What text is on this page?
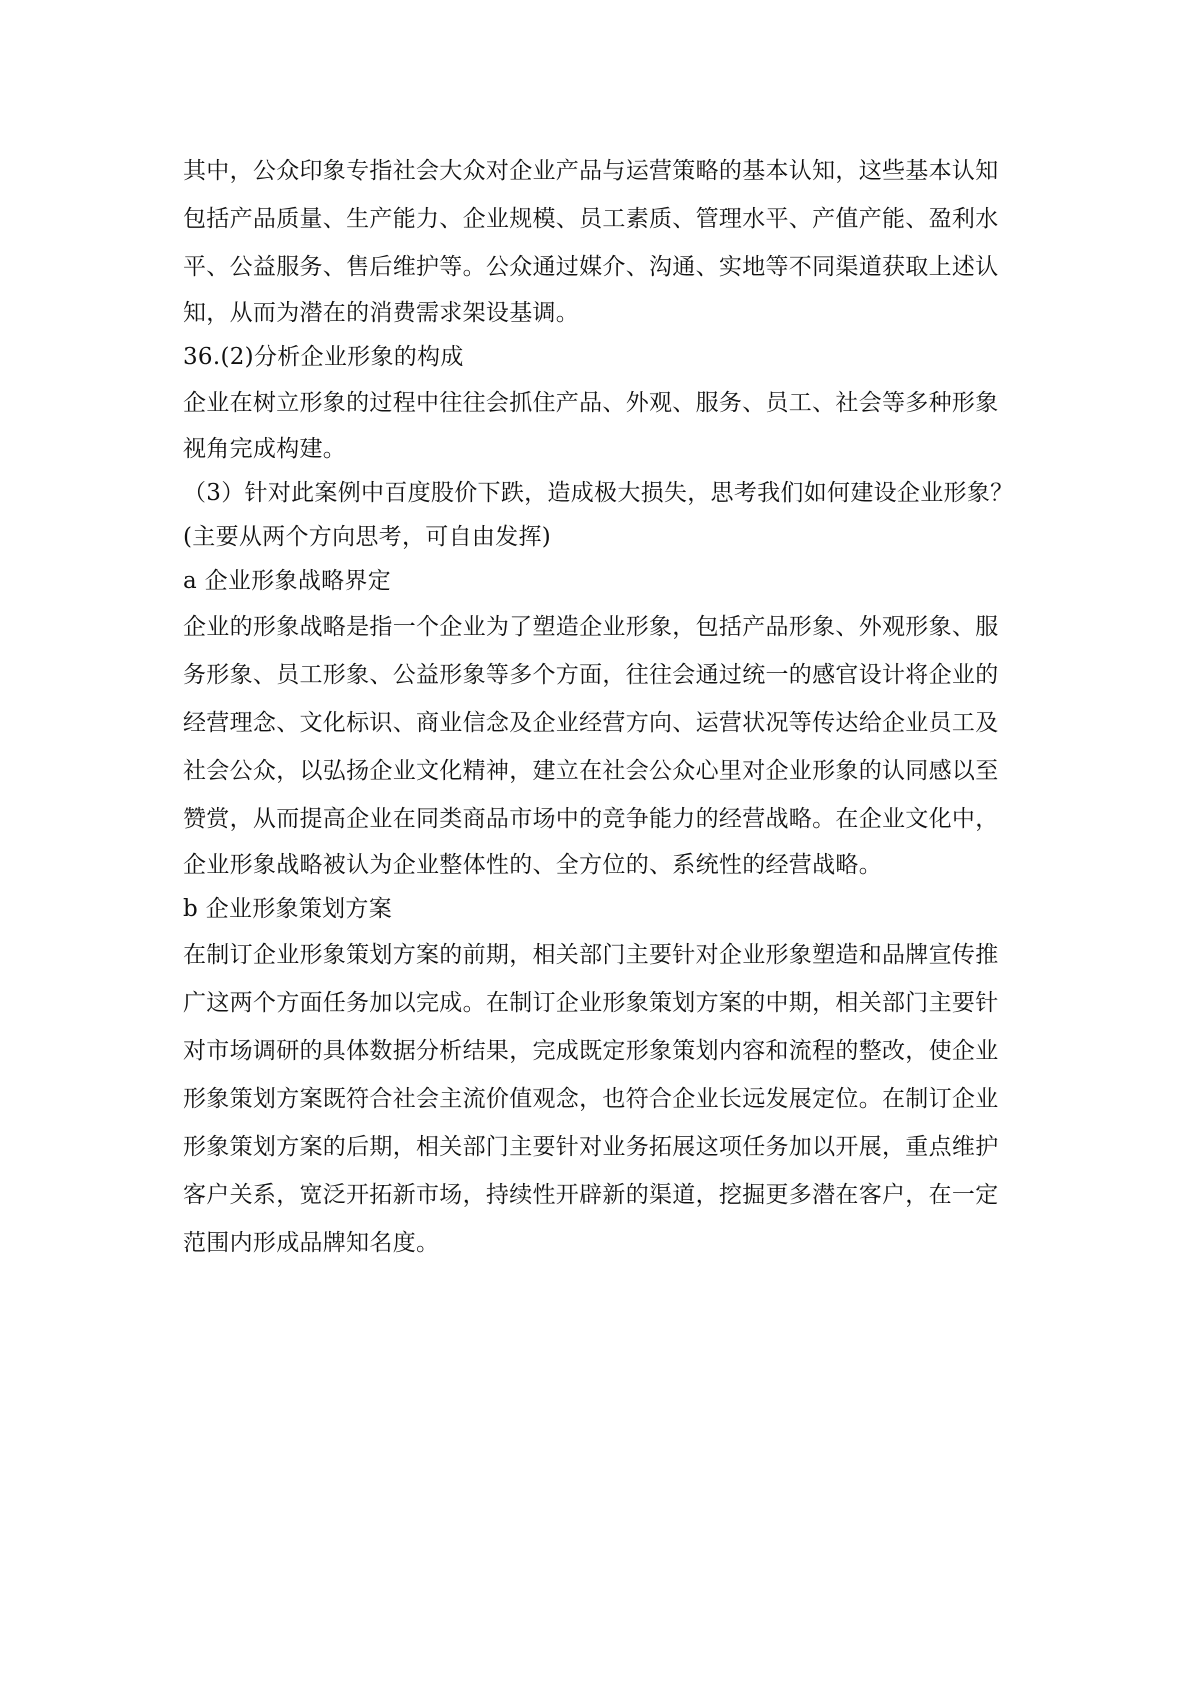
其中，公众印象专指社会大众对企业产品与运营策略的基本认知，这些基本认知
包括产品质量、生产能力、企业规模、员工素质、管理水平、产值产能、盈利水
平、公益服务、售后维护等。公众通过媒介、沟通、实地等不同渠道获取上述认
知，从而为潜在的消费需求架设基调。
36.(2)分析企业形象的构成
企业在树立形象的过程中往往会抓住产品、外观、服务、员工、社会等多种形象
视角完成构建。
（3）针对此案例中百度股价下跌，造成极大损失，思考我们如何建设企业形象？
(主要从两个方向思考，可自由发挥)
a 企业形象战略界定
企业的形象战略是指一个企业为了塑造企业形象，包括产品形象、外观形象、服
务形象、员工形象、公益形象等多个方面，往往会通过统一的感官设计将企业的
经营理念、文化标识、商业信念及企业经营方向、运营状况等传达给企业员工及
社会公众，以弘扬企业文化精神，建立在社会公众心里对企业形象的认同感以至
赞赏，从而提高企业在同类商品市场中的竞争能力的经营战略。在企业文化中，
企业形象战略被认为企业整体性的、全方位的、系统性的经营战略。
b 企业形象策划方案
在制订企业形象策划方案的前期，相关部门主要针对企业形象塑造和品牌宣传推
广这两个方面任务加以完成。在制订企业形象策划方案的中期，相关部门主要针
对市场调研的具体数据分析结果，完成既定形象策划内容和流程的整改，使企业
形象策划方案既符合社会主流价值观念，也符合企业长远发展定位。在制订企业
形象策划方案的后期，相关部门主要针对业务拓展这项任务加以开展，重点维护
客户关系，宽泛开拓新市场，持续性开辟新的渠道，挖掘更多潜在客户，在一定
范围内形成品牌知名度。
